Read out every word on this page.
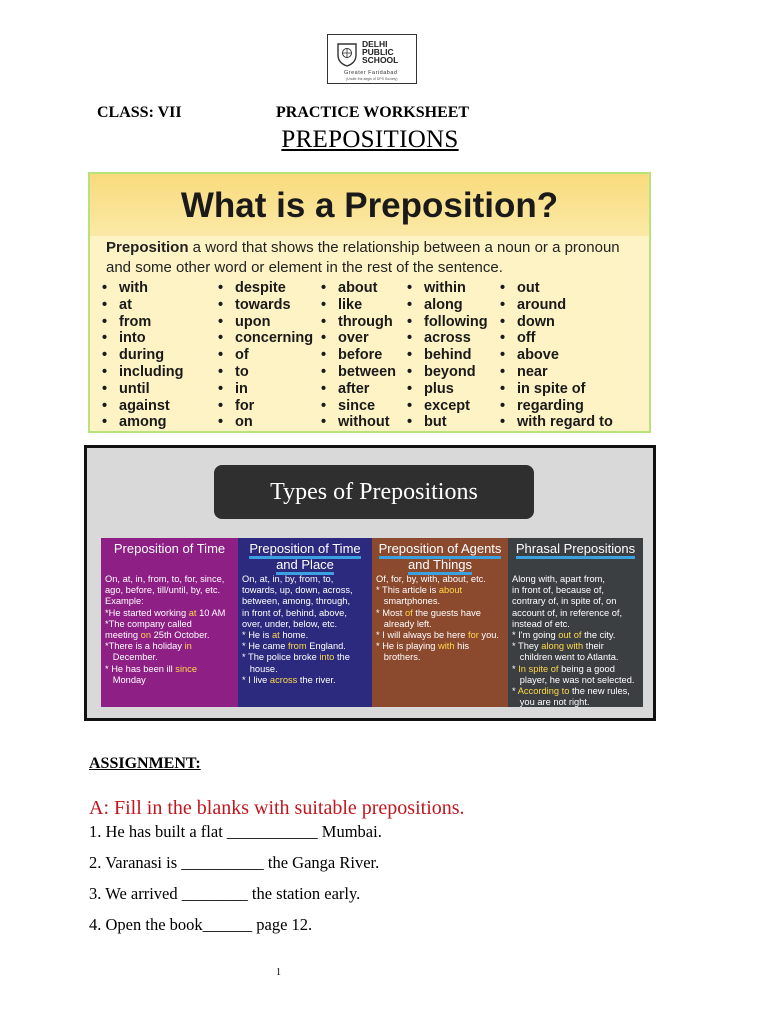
DELHI
PUBLIC
SCHOOL
Greater Faridabad
(Under the aegis of DPS Society)
CLASS: VII	PRACTICE WORKSHEET
PREPOSITIONS
What is a Preposition?
Preposition a word that shows the relationship between a noun or a pronoun and some other word or element in the rest of the sentence.
• with
• at
• from
• into
• during
• including
• until
• against
• among
• despite
• towards
• upon
• concerning
• of
• to
• in
• for
• on
• about
• like
• through
• over
• before
• between
• after
• since
• without
• within
• along
• following
• across
• behind
• beyond
• plus
• except
• but
• out
• around
• down
• off
• above
• near
• in spite of
• regarding
• with regard to
Types of Prepositions
Preposition of Time
On, at, in, from, to, for, since,
ago, before, till/until, by, etc.
Example:
*He started working at 10 AM
*The company called
meeting on 25th October.
*There is a holiday in
December.
* He has been ill since
Monday
Preposition of Time and Place
On, at, in, by, from, to,
towards, up, down, across,
between, among, through,
in front of, behind, above,
over, under, below, etc.
* He is at home.
* He came from England.
* The police broke into the
house.
* I live across the river.
Preposition of Agents and Things
Of, for, by, with, about, etc.
* This article is about
smartphones.
* Most of the guests have
already left.
* I will always be here for you.
* He is playing with his
brothers.
Phrasal Prepositions
Along with, apart from,
in front of, because of,
contrary of, in spite of, on
account of, in reference of,
instead of etc.
* I'm going out of the city.
* They along with their
children went to Atlanta.
* In spite of being a good
player, he was not selected.
* According to the new rules,
you are not right.
ASSIGNMENT:
A: Fill in the blanks with suitable prepositions.
1. He has built a flat ___________ Mumbai.
2. Varanasi is __________ the Ganga River.
3. We arrived ________ the station early.
4. Open the book______ page 12.
1
